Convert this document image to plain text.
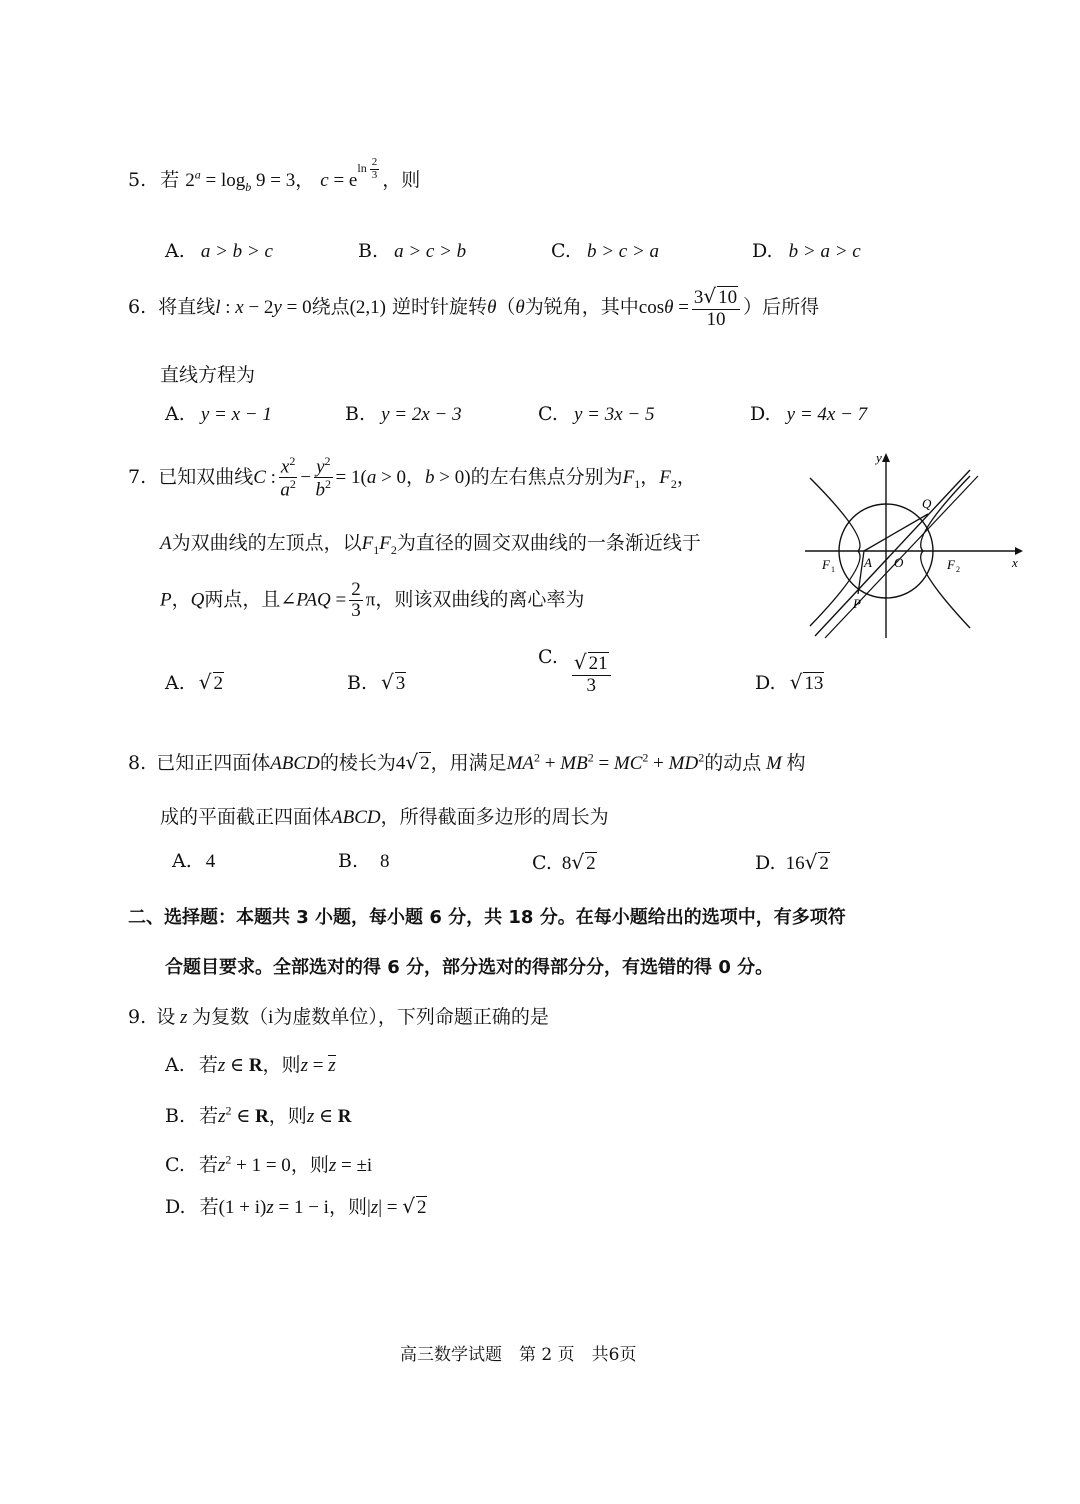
5. 若 $2^a = \log_b 9 = 3$， $c = e^{ln \frac{2}{3}}$ ，则
A. a > b > c	B. a > c > b	C. b > c > a	D. b > a > c
6. 将直线l : x − 2y = 0绕点(2,1) 逆时针旋转θ（θ为锐角，其中$\cos\theta = \frac{3√ 10}{10}$ ）后所得
直线方程为
A. y = x − 1	B. y = 2x − 3	C. y = 3x − 5	D. y = 4x − 7
7. 已知双曲线C : $\frac{x^2}{a^2} - \frac{y^2}{b^2} = 1(a > 0$，b > 0)的左右焦点分别为$F_1$，$F_2$，
A为双曲线的左顶点，以$F_1F_2$为直径的圆交双曲线的一条渐近线于
P，Q两点，且∠PAQ = $\frac{2}{3}$ π，则该双曲线的离心率为
y
x
Q
F 1 A O	F 2
P
A. √ 2	B. √ 3
C. $\frac{√ 21}{3}$	D. √ 13
8. 已知正四面体ABCD的棱长为4√ 2，用满足$MA^2 + MB^2 = MC^2 + MD^2$的动点 M 构
成的平面截正四面体ABCD，所得截面多边形的周长为
A. 4	B. 8	C. 8√ 2	D. 16√ 2
二、选择题：本题共 3 小题，每小题 6 分，共 18 分。在每小题给出的选项中，有多项符
合题目要求。全部选对的得 6 分，部分选对的得部分分，有选错的得 0 分。
9. 设 z 为复数（i为虚数单位），下列命题正确的是
A. 若z ∈ R，则z = z
B. 若$z^2$ ∈ R，则z ∈ R
C. 若$z^2 + 1 = 0$，则z = ±i
D. 若(1 + i)z = 1 − i，则|z| = √ 2
高三数学试题　第 2 页　共6页
